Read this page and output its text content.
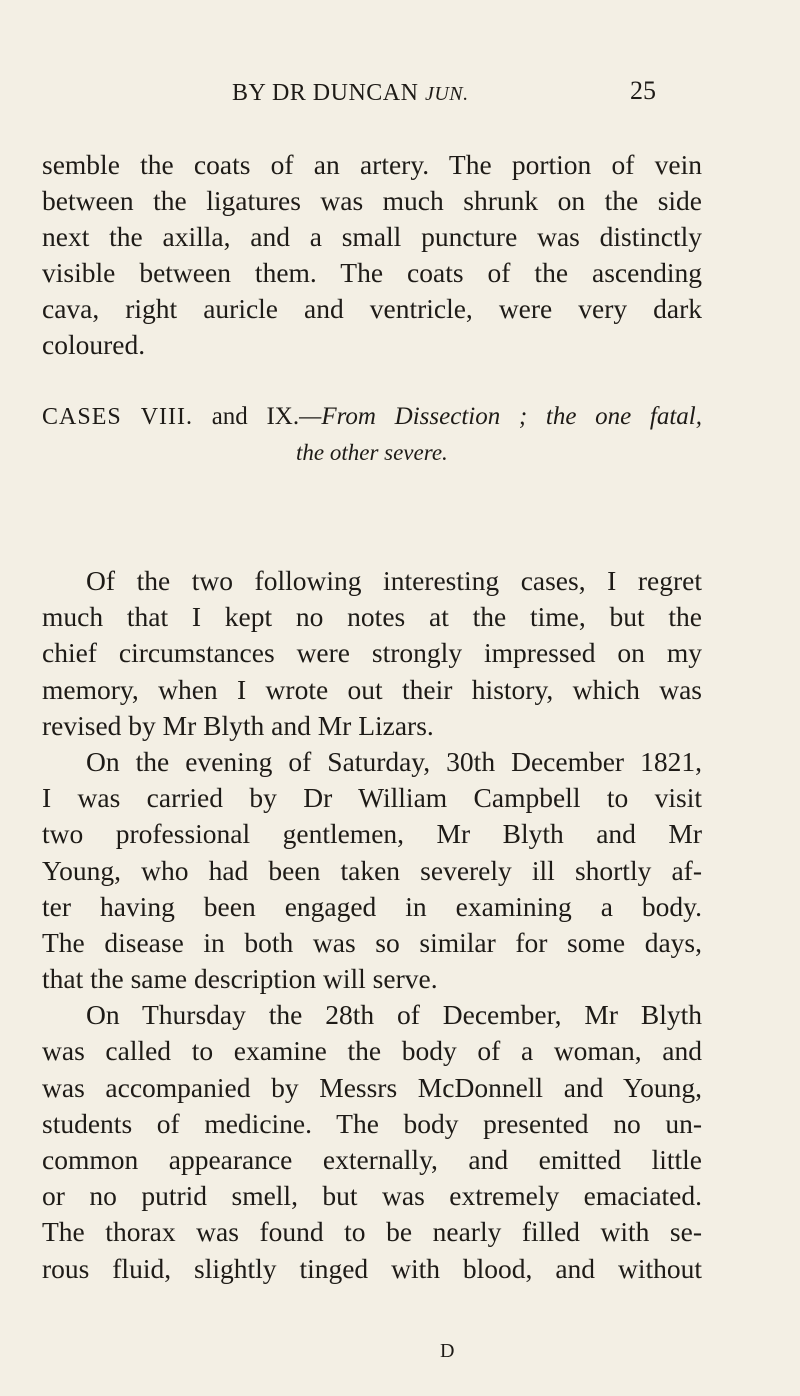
BY DR DUNCAN JUN.	25
semble the coats of an artery. The portion of vein
between the ligatures was much shrunk on the side
next the axilla, and a small puncture was distinctly
visible between them. The coats of the ascending
cava, right auricle and ventricle, were very dark
coloured.
CASES VIII. and IX.—From Dissection ; the one fatal,
the other severe.
Of the two following interesting cases, I regret
much that I kept no notes at the time, but the
chief circumstances were strongly impressed on my
memory, when I wrote out their history, which was
revised by Mr Blyth and Mr Lizars.
On the evening of Saturday, 30th December 1821,
I was carried by Dr William Campbell to visit
two professional gentlemen, Mr Blyth and Mr
Young, who had been taken severely ill shortly af-
ter having been engaged in examining a body.
The disease in both was so similar for some days,
that the same description will serve.
On Thursday the 28th of December, Mr Blyth
was called to examine the body of a woman, and
was accompanied by Messrs McDonnell and Young,
students of medicine. The body presented no un-
common appearance externally, and emitted little
or no putrid smell, but was extremely emaciated.
The thorax was found to be nearly filled with se-
rous fluid, slightly tinged with blood, and without
D
